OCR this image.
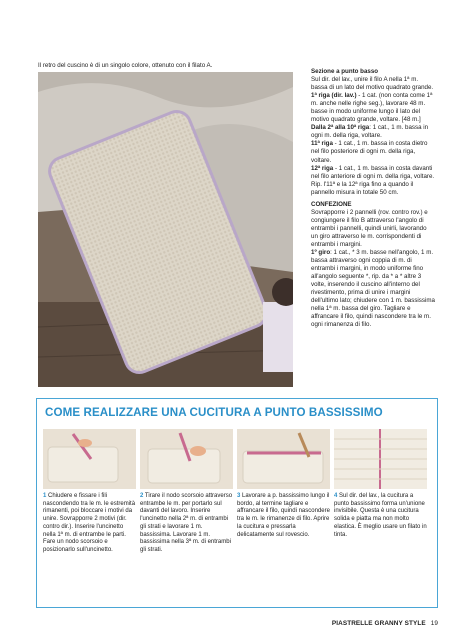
Il retro del cuscino è di un singolo colore, ottenuto con il filato A.

Sezione a punto basso

Sul dir. del lav., unire il filo A nella 1ª m. bassa di un lato del motivo quadrato grande.

1ª riga (dir. lav.) - 1 cat. (non conta come 1ª m. anche nelle righe seg.), lavorare 48 m. basse in modo uniforme lungo il lato del motivo quadrato grande, voltare. [48 m.]

Dalla 2ª alla 10ª riga: 1 cat., 1 m. bassa in ogni m. della riga, voltare.

11ª riga - 1 cat., 1 m. bassa in costa dietro nel filo posteriore di ogni m. della riga, voltare.

12ª riga - 1 cat., 1 m. bassa in costa davanti nel filo anteriore di ogni m. della riga, voltare.

Rip. l'11ª e la 12ª riga fino a quando il pannello misura in totale 50 cm.

CONFEZIONE

Sovrapporre i 2 pannelli (rov. contro rov.) e congiungere il filo B attraverso l'angolo di entrambi i pannelli, quindi unirli, lavorando un giro attraverso le m. corrispondenti di entrambi i margini.

1º giro: 1 cat., * 3 m. basse nell'angolo, 1 m. bassa attraverso ogni coppia di m. di entrambi i margini, in modo uniforme fino all'angolo seguente *, rip. da * a * altre 3 volte, inserendo il cuscino all'interno del rivestimento, prima di unire i margini dell'ultimo lato; chiudere con 1 m. bassissima nella 1ª m. bassa del giro. Tagliare e affrancare il filo, quindi nascondere tra le m. ogni rimanenza di filo.

COME REALIZZARE UNA CUCITURA A PUNTO BASSISSIMO
1 Chiudere e fissare i fili nascondendo tra le m. le estremità rimanenti, poi bloccare i motivi da unire. Sovrapporre 2 motivi (dir. contro dir.). Inserire l'uncinetto nella 1ª m. di entrambe le parti. Fare un nodo scorsoio e posizionarlo sull'uncinetto.
2 Tirare il nodo scorsoio attraverso entrambe le m. per portarlo sul davanti del lavoro. Inserire l'uncinetto nella 2ª m. di entrambi gli strati e lavorare 1 m. bassissima. Lavorare 1 m. bassissima nella 3ª m. di entrambi gli strati.
3 Lavorare a p. bassissimo lungo il bordo, al termine tagliare e affrancare il filo, quindi nascondere tra le m. le rimanenze di filo. Aprire la cucitura e pressarla delicatamente sul rovescio.
4 Sul dir. del lav., la cucitura a punto bassissimo forma un'unione invisibile. Questa è una cucitura solida e piatta ma non molto elastica. È meglio usare un filato in tinta.
PIASTRELLE GRANNY STYLE 19
